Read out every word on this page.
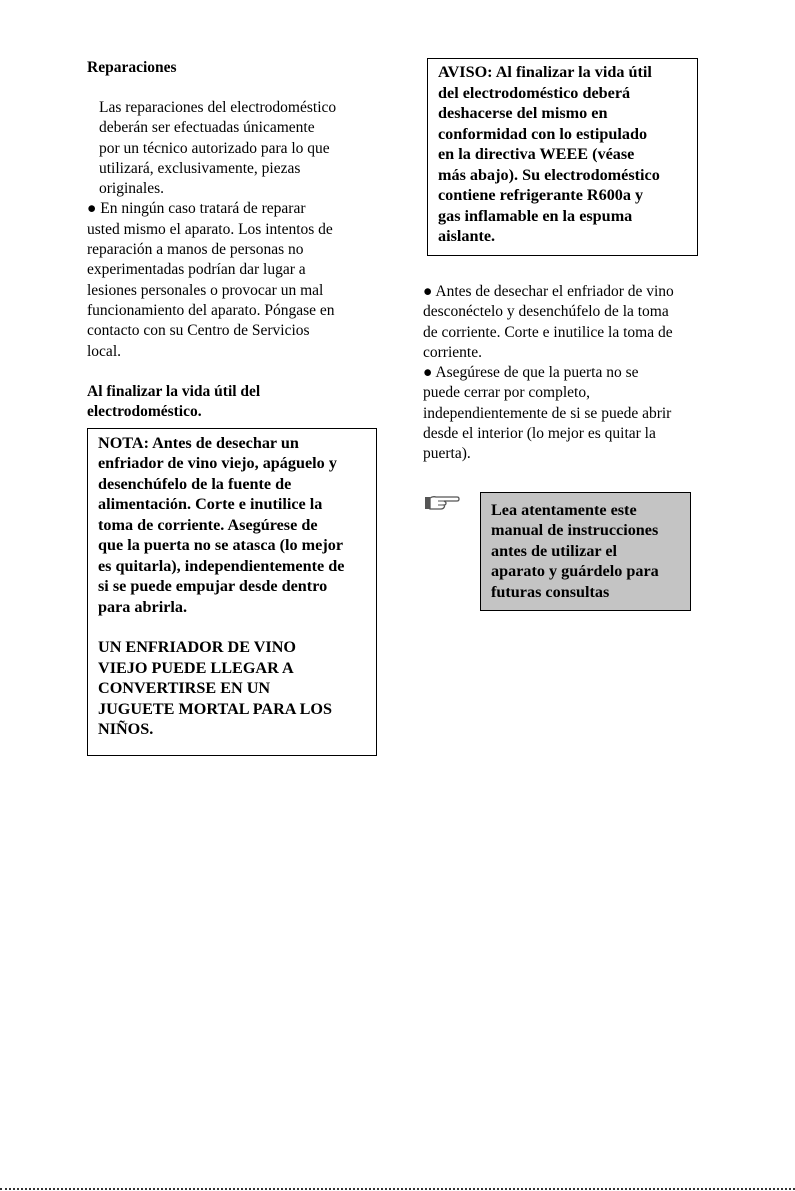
Reparaciones

Las reparaciones del electrodoméstico

deberán ser efectuadas únicamente

por un técnico autorizado para lo que

utilizará, exclusivamente, piezas

originales.

● En ningún caso tratará de reparar

usted mismo el aparato. Los intentos de

reparación a manos de personas no

experimentadas podrían dar lugar a

lesiones personales o provocar un mal

funcionamiento del aparato. Póngase en

contacto con su Centro de Servicios

local.

Al finalizar la vida útil del

electrodoméstico.

NOTA: Antes de desechar un

enfriador de vino viejo, apáguelo y

desenchúfelo de la fuente de

alimentación. Corte e inutilice la

toma de corriente. Asegúrese de

que la puerta no se atasca (lo mejor

es quitarla), independientemente de

si se puede empujar desde dentro

para abrirla.

UN ENFRIADOR DE VINO

VIEJO PUEDE LLEGAR A

CONVERTIRSE EN UN

JUGUETE MORTAL PARA LOS

NIÑOS.

AVISO: Al finalizar la vida útil

del electrodoméstico deberá

deshacerse del mismo en

conformidad con lo estipulado

en la directiva WEEE (véase

más abajo). Su electrodoméstico

contiene refrigerante R600a y

gas inflamable en la espuma

aislante.

● Antes de desechar el enfriador de vino

desconéctelo y desenchúfelo de la toma

de corriente. Corte e inutilice la toma de

corriente.

● Asegúrese de que la puerta no se

puede cerrar por completo,

independientemente de si se puede abrir

desde el interior (lo mejor es quitar la

puerta).

Lea atentamente este

manual de instrucciones

antes de utilizar el

aparato y guárdelo para

futuras consultas
